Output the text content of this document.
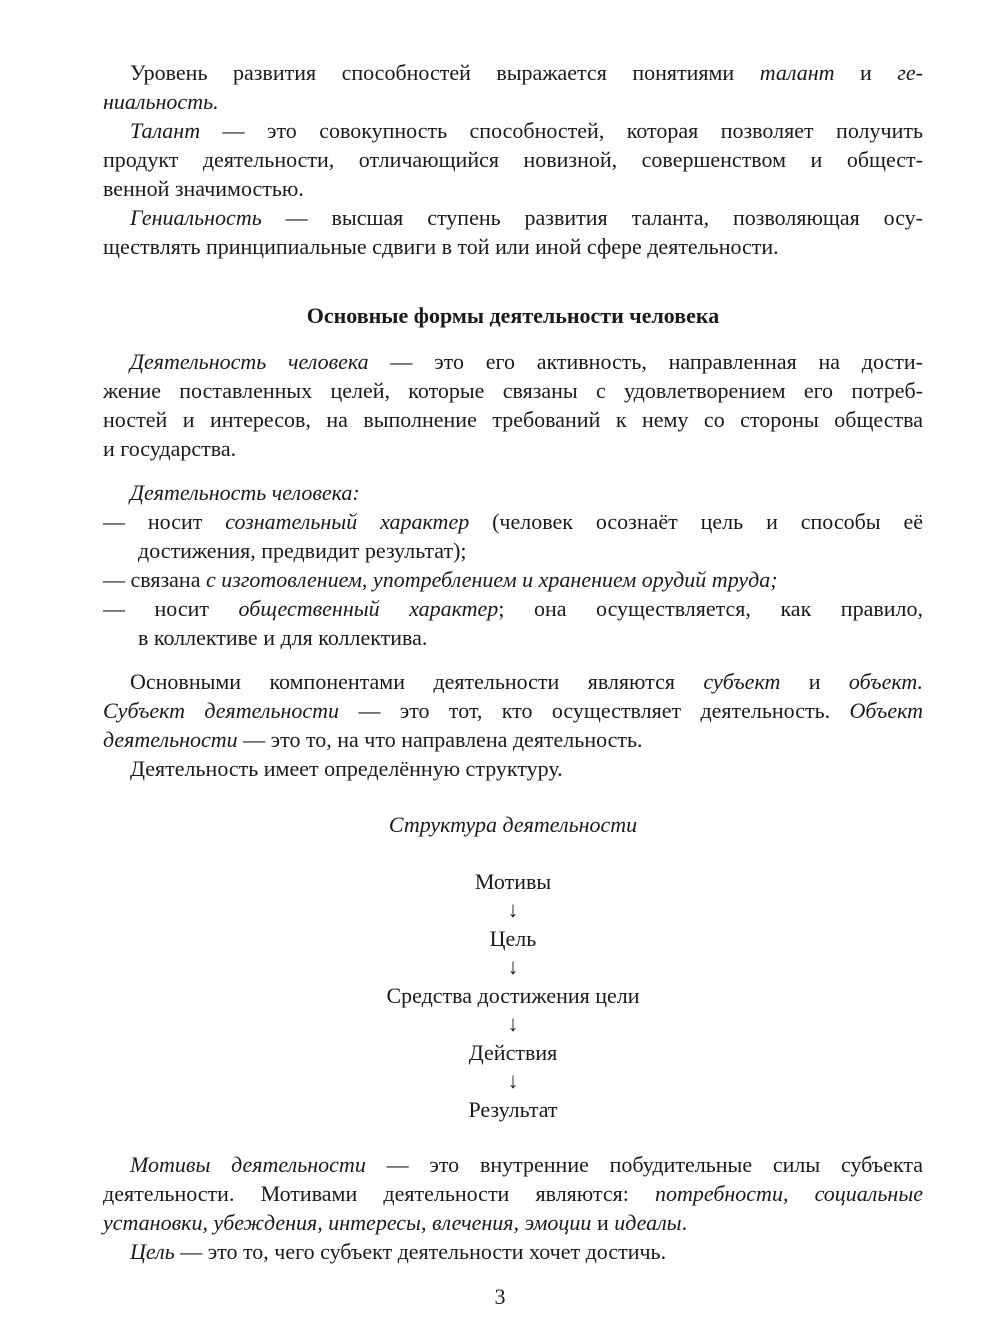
Уровень развития способностей выражается понятиями талант и ге-
ниальность.
Талант — это совокупность способностей, которая позволяет получить
продукт деятельности, отличающийся новизной, совершенством и общест-
венной значимостью.
Гениальность — высшая ступень развития таланта, позволяющая осу-
ществлять принципиальные сдвиги в той или иной сфере деятельности.
Основные формы деятельности человека
Деятельность человека — это его активность, направленная на дости-
жение поставленных целей, которые связаны с удовлетворением его потреб-
ностей и интересов, на выполнение требований к нему со стороны общества
и государства.
Деятельность человека:
— носит сознательный характер (человек осознаёт цель и способы её
достижения, предвидит результат);
— связана с изготовлением, употреблением и хранением орудий труда;
— носит общественный характер; она осуществляется, как правило,
в коллективе и для коллектива.
Основными компонентами деятельности являются субъект и объект.
Субъект деятельности — это тот, кто осуществляет деятельность. Объект
деятельности — это то, на что направлена деятельность.
Деятельность имеет определённую структуру.
Структура деятельности
Мотивы
↓
Цель
↓
Средства достижения цели
↓
Действия
↓
Результат
Мотивы деятельности — это внутренние побудительные силы субъекта
деятельности. Мотивами деятельности являются: потребности, социальные
установки, убеждения, интересы, влечения, эмоции и идеалы.
Цель — это то, чего субъект деятельности хочет достичь.
3
